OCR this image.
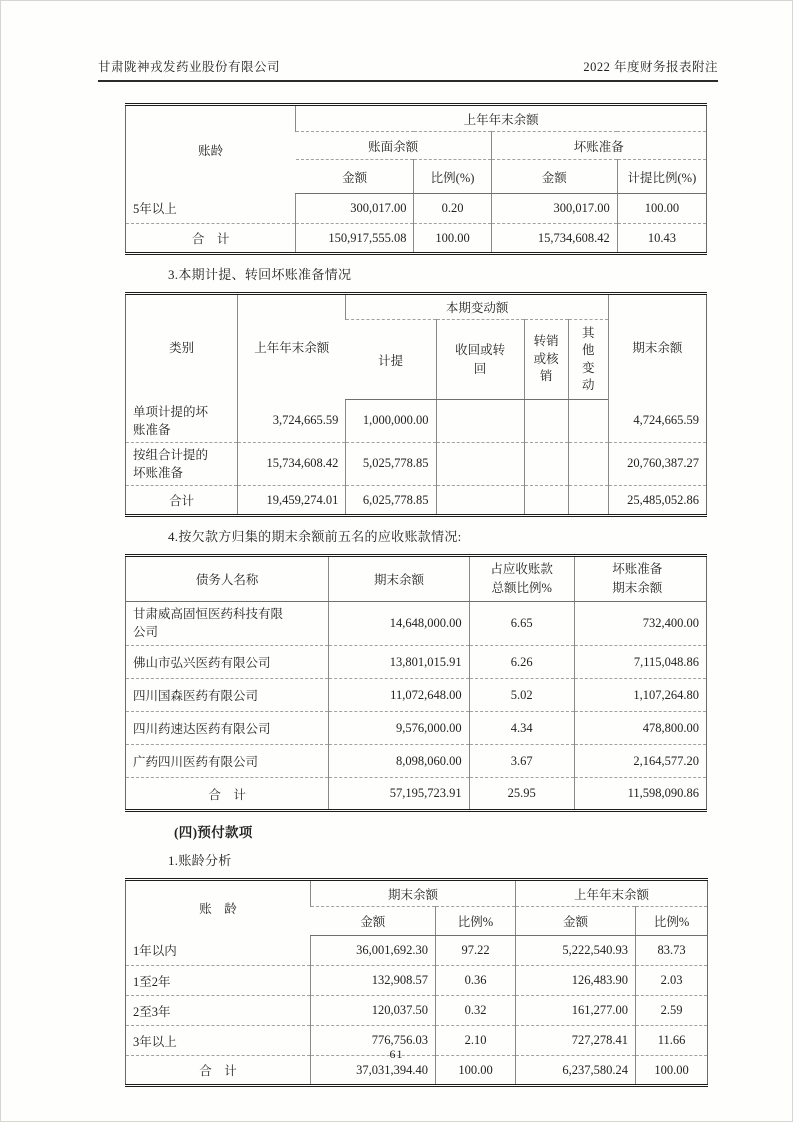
甘肃陇神戎发药业股份有限公司	2022 年度财务报表附注
账龄	上年年末余额			
	账面余额		坏账准备	
	金额	比例(%)	金额	计提比例(%)
5年以上	300,017.00	0.20	300,017.00	100.00
合　计	150,917,555.08	100.00	15,734,608.42	10.43
3.本期计提、转回坏账准备情况
类别	上年年末余额	本期变动额				期末余额
		计提	收回或转回	转销或核销	其他变动	
单项计提的坏账准备	3,724,665.59	1,000,000.00				4,724,665.59
按组合计提的坏账准备	15,734,608.42	5,025,778.85				20,760,387.27
合计	19,459,274.01	6,025,778.85				25,485,052.86
4.按欠款方归集的期末余额前五名的应收账款情况:
债务人名称	期末余额	占应收账款总额比例%	坏账准备期末余额
甘肃威高固恒医药科技有限公司	14,648,000.00	6.65	732,400.00
佛山市弘兴医药有限公司	13,801,015.91	6.26	7,115,048.86
四川国森医药有限公司	11,072,648.00	5.02	1,107,264.80
四川药速达医药有限公司	9,576,000.00	4.34	478,800.00
广药四川医药有限公司	8,098,060.00	3.67	2,164,577.20
合　计	57,195,723.91	25.95	11,598,090.86
(四)预付款项
1.账龄分析
账　龄	期末余额		上年年末余额	
	金额	比例%	金额	比例%
1年以内	36,001,692.30	97.22	5,222,540.93	83.73
1至2年	132,908.57	0.36	126,483.90	2.03
2至3年	120,037.50	0.32	161,277.00	2.59
3年以上	776,756.03	2.10	727,278.41	11.66
合　计	37,031,394.40	100.00	6,237,580.24	100.00
61
